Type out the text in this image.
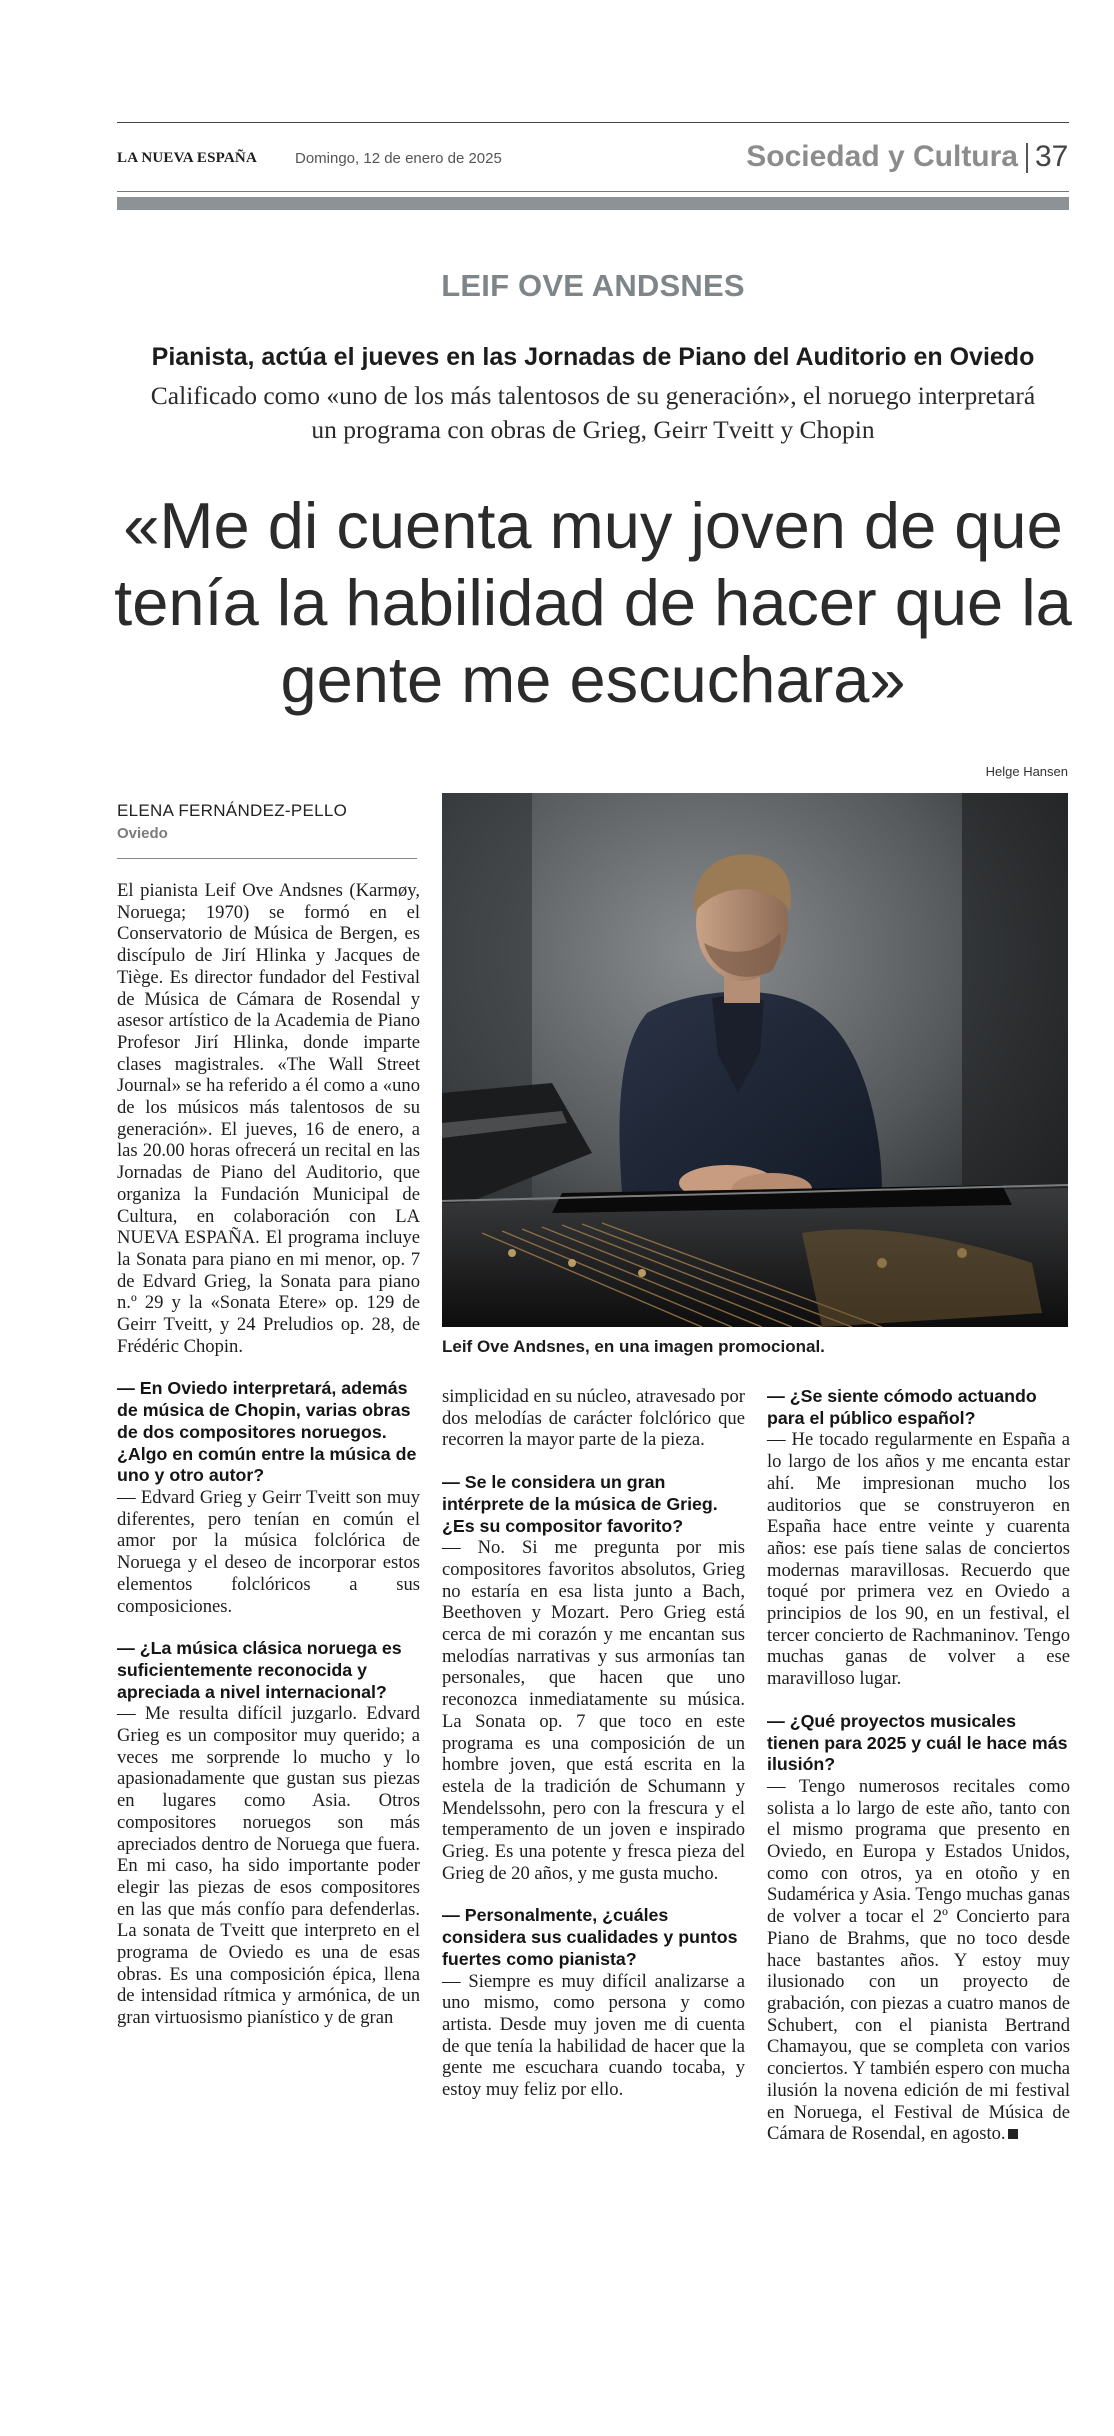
LA NUEVA ESPAÑA	Domingo, 12 de enero de 2025	Sociedad y Cultura 37
LEIF OVE ANDSNES
Pianista, actúa el jueves en las Jornadas de Piano del Auditorio en Oviedo
Calificado como «uno de los más talentosos de su generación», el noruego interpretará un programa con obras de Grieg, Geirr Tveitt y Chopin
«Me di cuenta muy joven de que tenía la habilidad de hacer que la gente me escuchara»
Helge Hansen
Leif Ove Andsnes, en una imagen promocional.
ELENA FERNÁNDEZ-PELLO
Oviedo

El pianista Leif Ove Andsnes (Karmøy, Noruega; 1970) se formó en el Conservatorio de Música de Bergen, es discípulo de Jirí Hlinka y Jacques de Tiège. Es director fundador del Festival de Música de Cámara de Rosendal y asesor artístico de la Academia de Piano Profesor Jirí Hlinka, donde imparte clases magistrales. «The Wall Street Journal» se ha referido a él como a «uno de los músicos más talentosos de su generación». El jueves, 16 de enero, a las 20.00 horas ofrecerá un recital en las Jornadas de Piano del Auditorio, que organiza la Fundación Municipal de Cultura, en colaboración con LA NUEVA ESPAÑA. El programa incluye la Sonata para piano en mi menor, op. 7 de Edvard Grieg, la Sonata para piano n.º 29 y la «Sonata Etere» op. 129 de Geirr Tveitt, y 24 Preludios op. 28, de Frédéric Chopin.

— En Oviedo interpretará, además de música de Chopin, varias obras de dos compositores noruegos. ¿Algo en común entre la música de uno y otro autor?

— Edvard Grieg y Geirr Tveitt son muy diferentes, pero tenían en común el amor por la música folclórica de Noruega y el deseo de incorporar estos elementos folclóricos a sus composiciones.

— ¿La música clásica noruega es suficientemente reconocida y apreciada a nivel internacional?

— Me resulta difícil juzgarlo. Edvard Grieg es un compositor muy querido; a veces me sorprende lo mucho y lo apasionadamente que gustan sus piezas en lugares como Asia. Otros compositores noruegos son más apreciados dentro de Noruega que fuera. En mi caso, ha sido importante poder elegir las piezas de esos compositores en las que más confío para defenderlas. La sonata de Tveitt que interpreto en el programa de Oviedo es una de esas obras. Es una composición épica, llena de intensidad rítmica y armónica, de un gran virtuosismo pianístico y de gran

simplicidad en su núcleo, atravesado por dos melodías de carácter folclórico que recorren la mayor parte de la pieza.

— Se le considera un gran intérprete de la música de Grieg. ¿Es su compositor favorito?

— No. Si me pregunta por mis compositores favoritos absolutos, Grieg no estaría en esa lista junto a Bach, Beethoven y Mozart. Pero Grieg está cerca de mi corazón y me encantan sus melodías narrativas y sus armonías tan personales, que hacen que uno reconozca inmediatamente su música. La Sonata op. 7 que toco en este programa es una composición de un hombre joven, que está escrita en la estela de la tradición de Schumann y Mendelssohn, pero con la frescura y el temperamento de un joven e inspirado Grieg. Es una potente y fresca pieza del Grieg de 20 años, y me gusta mucho.

— Personalmente, ¿cuáles considera sus cualidades y puntos fuertes como pianista?

— Siempre es muy difícil analizarse a uno mismo, como persona y como artista. Desde muy joven me di cuenta de que tenía la habilidad de hacer que la gente me escuchara cuando tocaba, y estoy muy feliz por ello.

— ¿Se siente cómodo actuando para el público español?

— He tocado regularmente en España a lo largo de los años y me encanta estar ahí. Me impresionan mucho los auditorios que se construyeron en España hace entre veinte y cuarenta años: ese país tiene salas de conciertos modernas maravillosas. Recuerdo que toqué por primera vez en Oviedo a principios de los 90, en un festival, el tercer concierto de Rachmaninov. Tengo muchas ganas de volver a ese maravilloso lugar.

— ¿Qué proyectos musicales tienen para 2025 y cuál le hace más ilusión?

— Tengo numerosos recitales como solista a lo largo de este año, tanto con el mismo programa que presento en Oviedo, en Europa y Estados Unidos, como con otros, ya en otoño y en Sudamérica y Asia. Tengo muchas ganas de volver a tocar el 2º Concierto para Piano de Brahms, que no toco desde hace bastantes años. Y estoy muy ilusionado con un proyecto de grabación, con piezas a cuatro manos de Schubert, con el pianista Bertrand Chamayou, que se completa con varios conciertos. Y también espero con mucha ilusión la novena edición de mi festival en Noruega, el Festival de Música de Cámara de Rosendal, en agosto.
